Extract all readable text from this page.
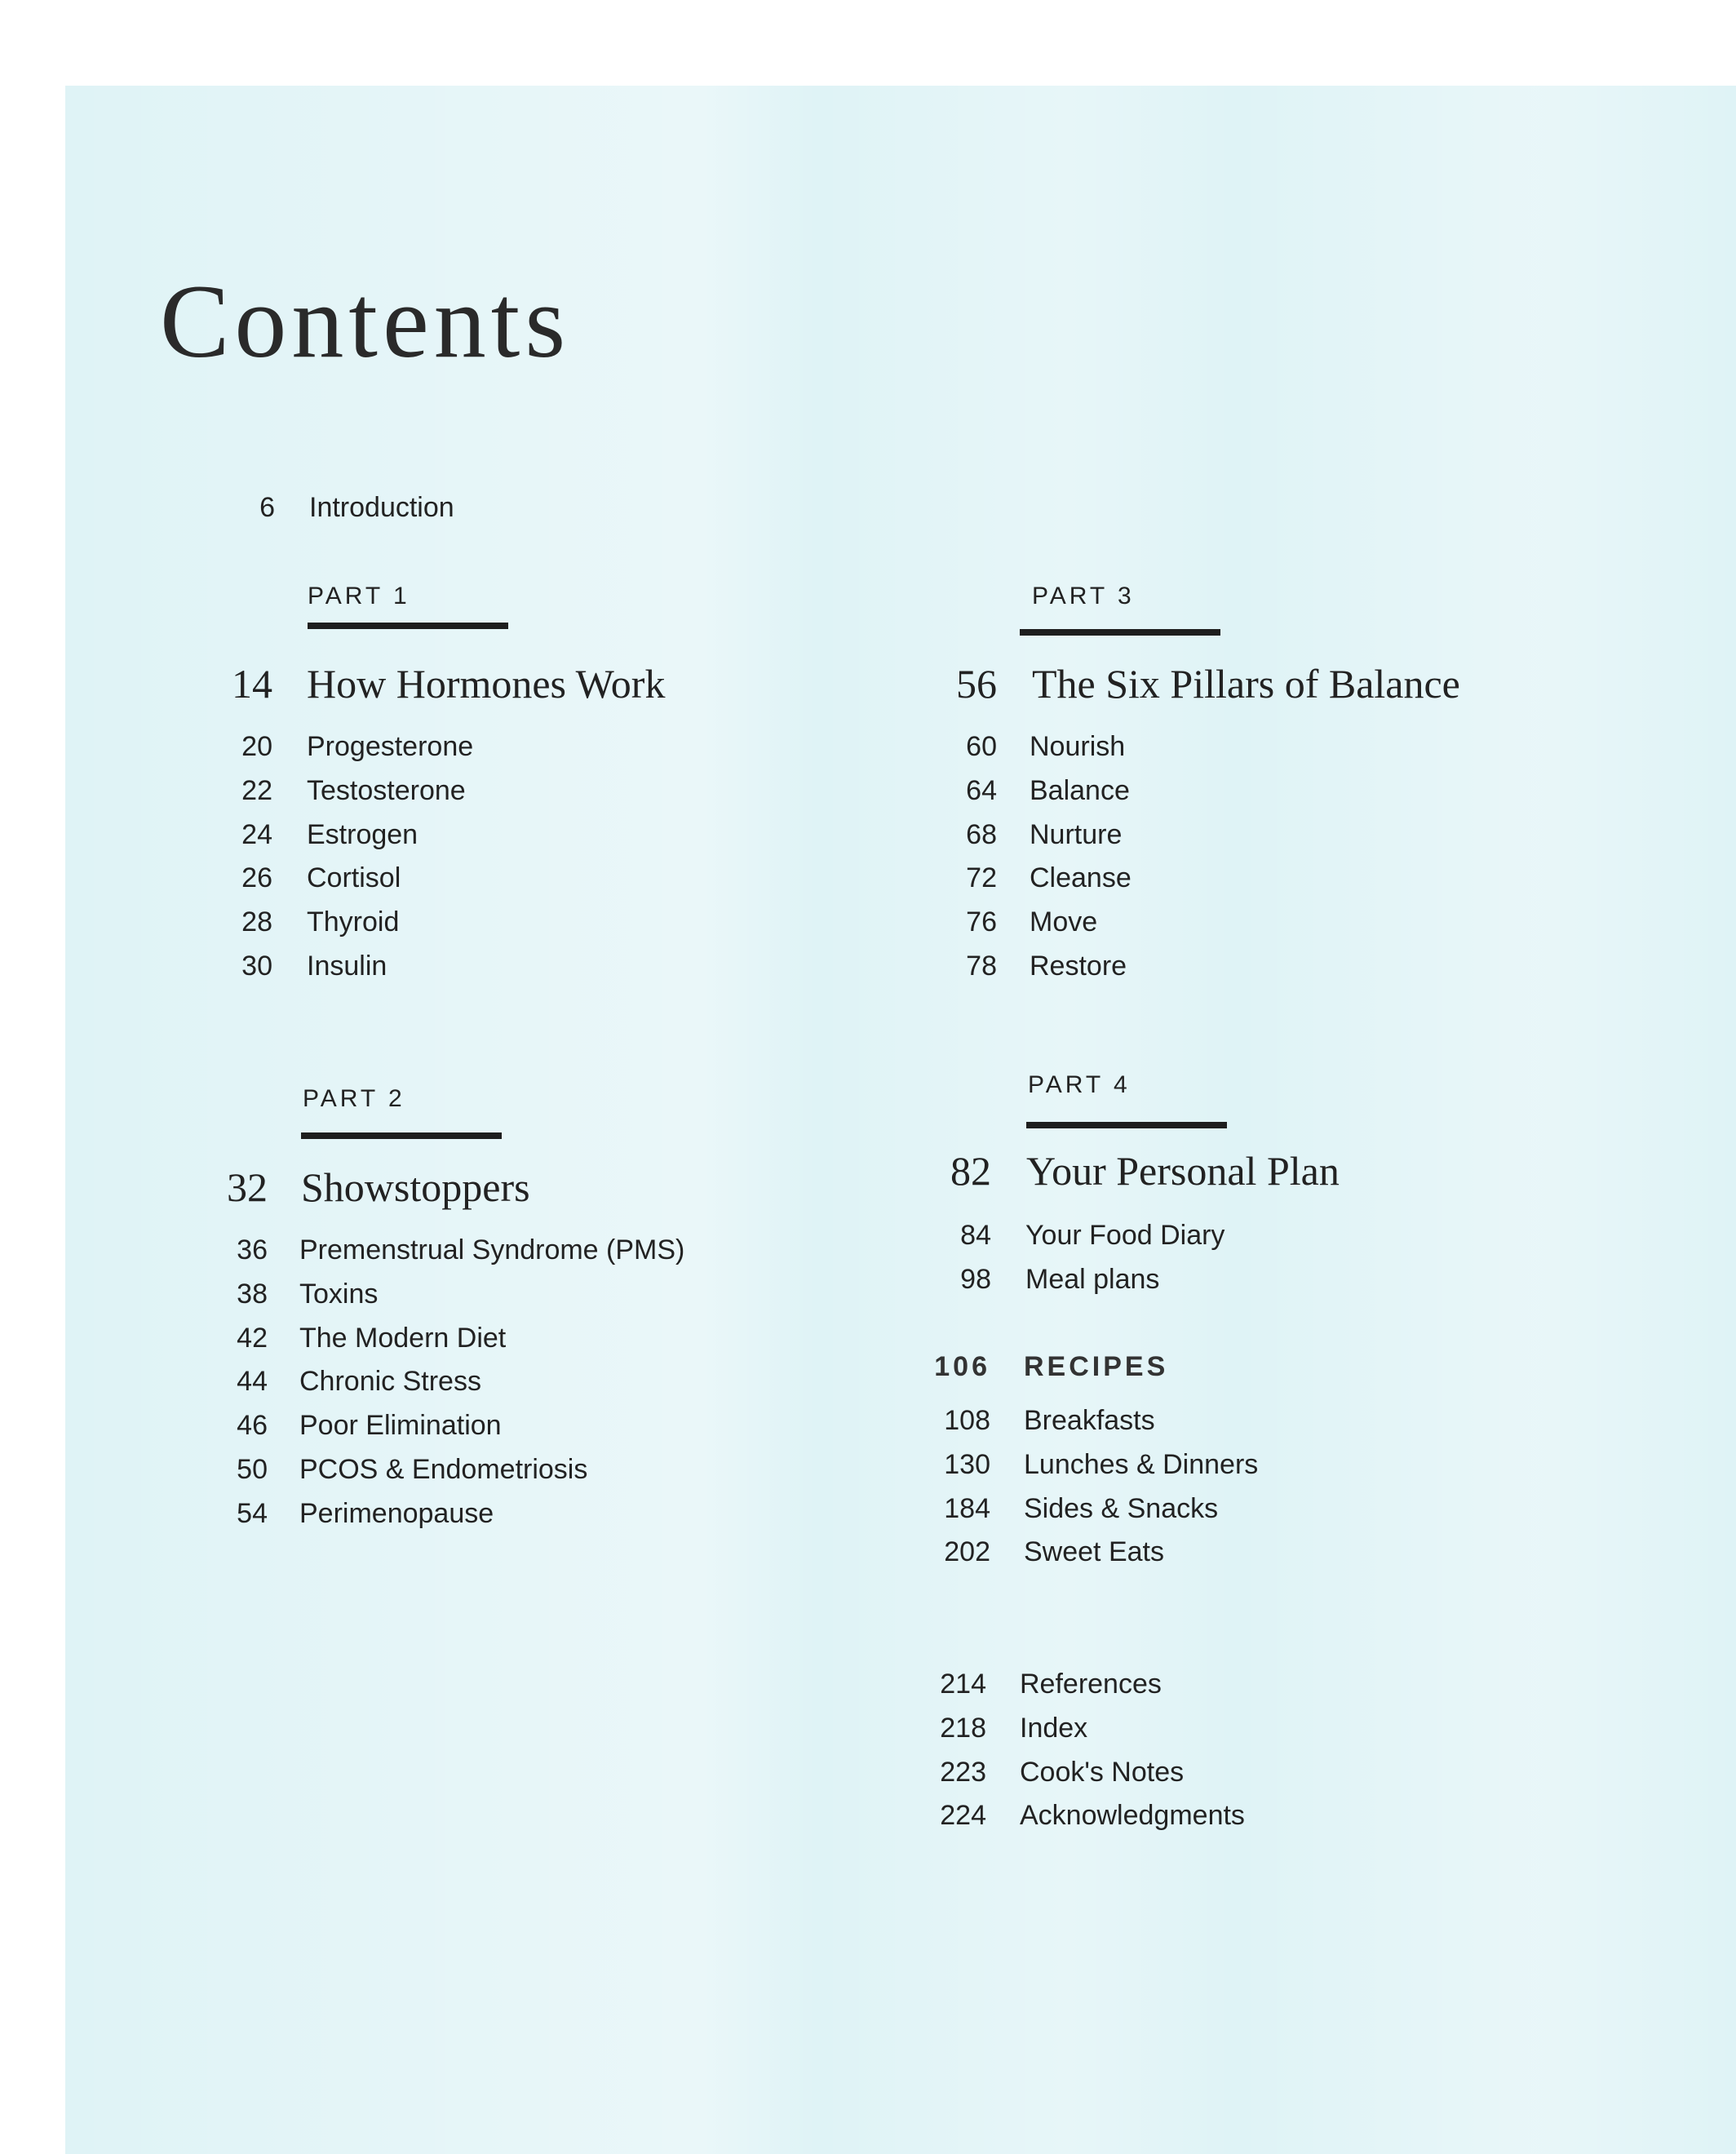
Contents
6 Introduction
PART 1
14 How Hormones Work
20 Progesterone
22 Testosterone
24 Estrogen
26 Cortisol
28 Thyroid
30 Insulin
PART 2
32 Showstoppers
36 Premenstrual Syndrome (PMS)
38 Toxins
42 The Modern Diet
44 Chronic Stress
46 Poor Elimination
50 PCOS & Endometriosis
54 Perimenopause
PART 3
56 The Six Pillars of Balance
60 Nourish
64 Balance
68 Nurture
72 Cleanse
76 Move
78 Restore
PART 4
82 Your Personal Plan
84 Your Food Diary
98 Meal plans
106 RECIPES
108 Breakfasts
130 Lunches & Dinners
184 Sides & Snacks
202 Sweet Eats
214 References
218 Index
223 Cook's Notes
224 Acknowledgments
